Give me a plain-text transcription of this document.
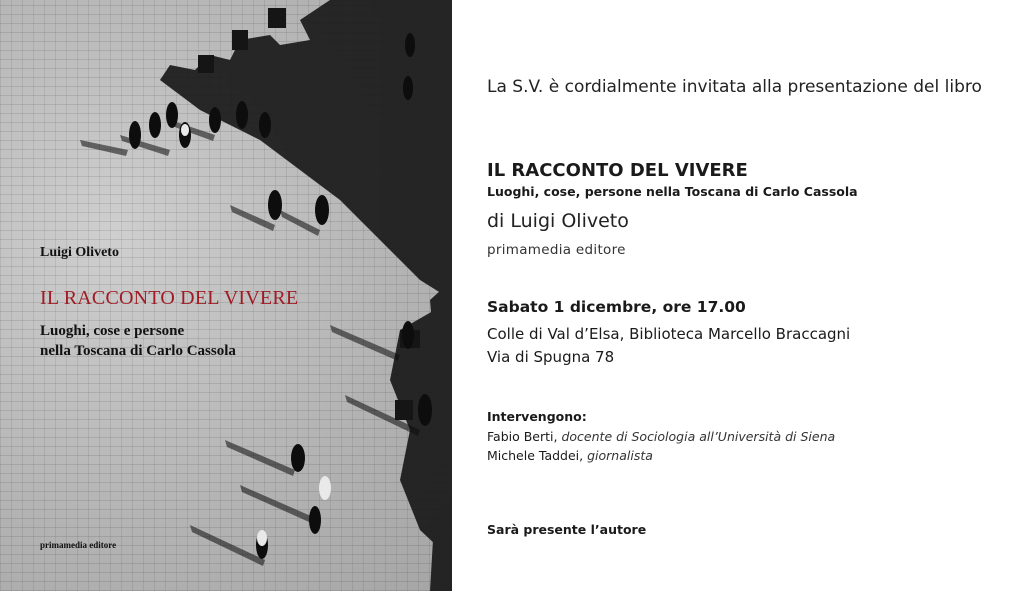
Luigi Oliveto
IL RACCONTO DEL VIVERE
Luoghi, cose e persone
nella Toscana di Carlo Cassola
primamedia editore
La S.V. è cordialmente invitata alla presentazione del libro
IL RACCONTO DEL VIVERE
Luoghi, cose, persone nella Toscana di Carlo Cassola
di Luigi Oliveto
primamedia editore
Sabato 1 dicembre, ore 17.00
Colle di Val d’Elsa, Biblioteca Marcello Braccagni
Via di Spugna 78
Intervengono:
Fabio Berti, docente di Sociologia all’Università di Siena
Michele Taddei, giornalista
Sarà presente l’autore
